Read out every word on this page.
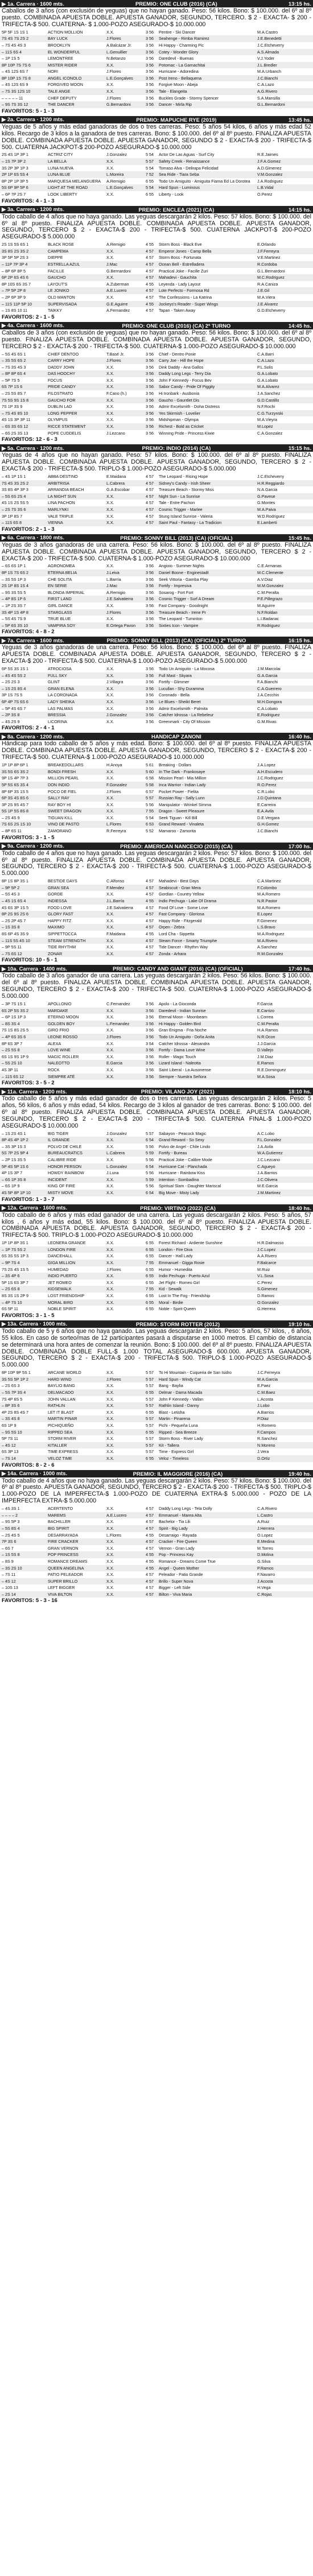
▶ 1a. Carrera · 1600 mts.	PREMIO: ONE CLUB (2016) (CA)	13:15 hs.
Caballos de 3 años (con exclusión de yeguas) que no hayan ganado. Peso: 56 kilos. Bono: $ 100.000. del 6º al 8º puesto. COMBINADA APUESTA DOBLE. APUESTA GANADOR, SEGUNDO, TERCERO. $ 2 - EXACTA- $ 200 - TRIFECTA-$ 500. CUATERNA- $ 1.000-POZO ASEGURADO-$ 10.000.000
5P 5F 1S 1S 1	ACTION MOLLION	X.X.	3 56	Pentire - Ski Dancer	M.A.Castro
7S 4S 7S 2S 2	BAY LUCK	J.Flores	3 56	Seahenge - Rimba Ramirez	J.E.Benedetti
– 7S 4S 4S 3	BROOKLYN	A.Balcázar Jr.	3 56	Hi Happy - Charming Pic	J.C.Etcheverry
– 11S 6S 4	EL WONDERFUL	L.Genuillier	3 56	Cotey - Wonder Glory	A.S.Almada
– 1P 1S 5	LEMONTREE	N.Betanzo	3 56	Daredevil - Buenas	V.J.Yoder
8P 10P 7S 7S 6	MISTER RIDER	X.X.	3 56	Potomac - La Garnachitai	J.L.Bredler
– 4S 12S 6S 7	NORI	J.Flores	3 56	Hurricane - Adoredina	M.A.Urbanch
8P 10P 1S 7S 8	ANGEL ICONOLO	L.E.Gonçalves	3 56	Post Ireno - Bellaquena	J.C.Bianchi
– 4S 12S 6S 9	FORGIVED MOON	X.X.	3 56	Forgive Moon - Abeja	C.A.Lazo
– 7S 3S 12S 10	TALE ANGE	X.X.	3 56	Tale - Elangeita	A.G.Rivero
– – – – – 11	CHEF DEPUTY	J.Flores	3 56	Buckles Grade - Stormy Spencer	S.A.Mansilla
– 9S 7S 3S 12	THE DANCER	G.Bernardoni	3 56	Dancer - Mirla Rip	G.L.Bernardoni
FAVORITOS: 5 - 1 - 3
▶ 2a. Carrera · 1200 mts.	PREMIO: MAPUCHE RYE (2019)	13:45 hs.
Yeguas de 5 años y más edad ganadoras de dos o tres carreras. Peso: 5 años 54 kilos, 6 años y más edad 52 kilos. Recargo de 3 kilos a la ganadora de tres carreras. Bono: $ 100.000. del 6º al 8º puesto. FINALIZA APUESTA DOBLE. COMBINADA APUESTA DOBLE. APUESTA GANADOR, SEGUNDO $ 2 - EXACTA-$ 200 - TRIFECTA-$ 500. CUATERNA JACKPOT-$ 200-POZO ASEGURADO-$ 10.000.000
2S 4S 1P 3P 1	ACTRIZ CITY	J.Gonzalez	5 54	Actor De Las Aguas - Surf City	R.E.Jaimes
– 1S 7P 3P 2	LA BELLA	X.X.	5 57	Safety Creek - Renaissance	J.F.A.Gomez
3S 2P 3P 1P 3	LUNA NUEVA	X.X.	5 54	Tomaso Alva - Delirapa Felicidad	A.D.Gimenez
2P 1P 6S 5S 4	LUNA BLUE	L.Moreira	7 52	Sea Ride - Tiara Seba	V.M.Gonzalez
8P 2P 1P 3P 5	MARQUESA MELANGUERA	A.Remigio	6 55	Todo Un Amiguito - Amiguita Fiama Ed La Dorotea	J.A.Rodriguez
5S 6P 9P 5P 6	LIGHT AT THE ROAD	L.E.Gonçalves	5 54	Hard Spun - Luminous	L.B.Vidal
– 6P 7P 2S 7	LOOK LIBERTY	X.X.	6 55	Liberty - Look	O.Perez
FAVORITOS: 4 - 1 - 3
▶ 3a. Carrera · 1200 mts.	PREMIO: ENCLEA (2021) (CA)	14:15 hs.
Todo caballo de 4 años que no haya ganado. Las yeguas descargarán 2 kilos. Peso: 57 kilos. Bono: $ 100.000. del 6º al 8º puesto. FINALIZA APUESTA DOBLE. COMBINADA APUESTA DOBLE. APUESTA GANADOR, SEGUNDO, TERCERO $ 2 - EXACTA-$ 200 - TRIFECTA-$ 500. CUATERNA JACKPOT-$ 200-POZO ASEGURADO-$ 5.000.000
2S 1S 5S 6S 1	BLACK ROSE	A.Remigio	4 55	Storm Boss - Black Eve	E.Orlando
3S 8S 2S 3S 2	CAMPEMA	X.X.	4 57	Emperor Jones - Camp Bella	J.F.Ferreyra
3P 5P 5P 2S 3	DIEPPE	X.X.	4 57	Storm Boss - Fortunata	V.E.Martinez
– 11P 7P 3P 4	ESTRELLA AZUL	J.Mac	4 57	Ocean Bell - Estrelladera	R.Cordoba
– 8P 6P 8P 5	FACILLE	G.Bernardoni	4 57	Practical Joke - Facille Zuri	G.L.Bernardoni
6P 2P 6S 4S 6	GAUCHO	X.X.	4 57	Mahadevi - Gauchita	M.C.Rodriguez
8P 10S 6S 3S 7	LAYOUT'S	A.Zuberman	4 55	Leyenda - Lady Layout	R.A.Caniza
– 7P 5P 2P 8	LE JONIKO	A.E.Lucero	4 57	Lote Perfecto - Formosa Rd	J.E.Gil
– 2P 6P 3P 9	OLD MANTON	X.X.	4 57	The Confessions - La Katrina	M.A.Viera
– 11S 11P 5P 10	SUPERVISADA	G.E.Aguirre	4 55	Jockeys's Reader - Super Wings	J.E.Alvarez
– 1S 8S 10 11	TAIKKY	A.Fernandez	4 57	Tapan - Taken Away	G.D.Etcheverry
FAVORITOS: 2 - 1 - 5
▶ 4a. Carrera · 1600 mts.	PREMIO: ONE CLUB (2016) (CA) 2º TURNO	14:45 hs.
Caballos de 3 años (con exclusión de yeguas) que no hayan ganado. Peso: 56 kilos. Bono: $ 100.000. del 6º al 8º puesto. FINALIZA APUESTA DOBLE. COMBINADA APUESTA DOBLE. APUESTA GANADOR, SEGUNDO, TERCERO $ 2 - EXACTA-$ 200 - TRIFECTA-$ 500. CUATERNA-$ 1.000-POZO ASEGURADO-$ 10.000.000
– 5S 4S 6S 1	CHIEF DENTOO	T.Basé Jr.	3 56	Chief - Dentro Ponie	C.A.Barri
– 3S 5S 6S 2	CARRY HOPE	J.Flores	3 56	Carry Joe - Hill the Hope	C.A.Lazo
– 7S 3S 4S 3	DADDY JOHN	X.X.	3 56	Dink Daddy - Ana Gallos	P.L.Solis
– 8P 8P 6S 4	DAS HOOCHY	X.X.	3 56	Daddy Long Legs - Terry Dia	G.A.Lobato
– 5P 7S 5	FOCUS	X.X.	3 56	John F Kennedy - Focus Bev	G.A.Lobato
6S 7P 1S 6	PRIDE CANDY	X.X.	3 56	Sabor Candy - Pride Of Piggity	M.A.Alvarez
– 2S 5S 8S 7	FILOSTRATO	F.Cano (h.)	3 56	Hi Ironbark - Ausbonia	J.A.Sanchez
7S 5S 9S 1S 8	GAUCHO FOR	X.X.	3 56	Gaucho - Gauntlet Dis	G.D.Castillo
7S 1P 3S 9	DUBLIN LAD	X.X.	3 56	Admir Excelsmith - Doha Distress	N.F.Rochi
– 7S 4S 8S 10	LONG PEPPER	X.X.	3 56	Yes Skirmish - Lovelier	C.G.Turzynski
4S 1S 3P 3P 11	OLYMPUS	X.X.	3 56	Midshipman - Olympa	M.A.Vieyra
– 6S 3S 6S 12	RICCE STATEMENT	X.X.	3 56	Richest - Bold as Cricket	M.Lopez
– 6S 2S 3S 13	POPE CUDDELIS	J.Lezcano	3 56	Winning Pride - Princess Kiwie	C.A.Gonzalez
FAVORITOS: 12 - 6 - 3
▶ 5a. Carrera · 1200 mts.	PREMIO: INDIO (2014) (CA)	15:15 hs.
Yeguas de 4 años que no hayan ganado. Peso: 57 kilos. Bono: $ 100.000. del 6º al 8º puesto. FINALIZA APUESTA DOBLE. COMBINADA APUESTA DOBLE. APUESTA GANADOR, SEGUNDO, TERCERO $ 2 - EXACTA-$ 200 - TRIFECTA-$ 500. TRIPLO-$ 1.000-POZO ASEGURADO-$ 5.000.000
– 4S 1P 1S 1	ABBA DESTINO	E.Maidana	4 57	The Leopard - Rising Hope	J.C.Etcheverry
7S 4S 3S 2S 2	ARBITRISA	L.Cabrera	4 57	Sidney's Candy - Irish Sheer	H.R.Reggiardo
3S 8S 4P 3P 3	ARRANDIA BEACH	G.A.Escobar	4 57	Treasure Beach - Stormy Miss	N.A.Garcia
– 5S 6S 2S 4	LA NIGHT SUN	X.X.	4 57	Night Sun - La Sunrise	G.Pavese
4S 1S 2S 5S 5	LINA PACHON	X.X.	4 57	Tale - Entre Pachon	G.Montes
– 2S 7S 3S 6	MARLYNKI	X.X.	4 57	Cosmic Trigger - Marlee	M.A.Paiva
3P 1P 8S 7	VALE TRIPLE	X.X.	4 57	Stung Island Sunrise - Valeria	W.D.Rodriguez
– 11S 6S 8	VIENNA	X.X.	4 57	Saint Paul - Fantasy - La Tradicion	E.Lamberti
FAVORITOS: 2 - 1 - 3
▶ 6a. Carrera · 1800 mts.	PREMIO: SONNY BILL (2013) (CA) (OFICIAL)	15:45 hs.
Yeguas de 3 años ganadoras de una carrera. Peso: 56 kilos. Bono: $ 100.000. del 6º al 8º puesto. FINALIZA APUESTA DOBLE. COMBINADA APUESTA DOBLE. APUESTA GANADOR, SEGUNDO, TERCERO $ 2 - EXACTA-$ 200 - TRIFECTA-$ 500. CUATERNA-$ 1.000-POZO ASEGURADO-$ 10.000.000
– 6S 6S 1P 1	AGRONOMEA	X.X.	3 56	Angioio - Summer Nights	C.E.Armanas
8P 1S 7S 6S 2	ETERNA BELIA	J.Leiva	3 56	Daniel Boone - Enginestadt	M.C.Clemente
– 3S 5S 1P 3	CHE SOLITA	L.Barría	3 56	Seek Vittoria - Gamba Play	A.V.Diaz
2S 1P 8S 1S 4	EN SERIE	J.Mac	3 56	Fortify - Impresiva	M.M.Gonzalez
– 9S 3S 5S 5	BLONDA IMPERIAL	A.Remigio	3 56	Sosarog - Fort Fort	C.M.Peralta
– 4P 8S 1P 6	FIRST LAND	J.E.Salvatierra	3 56	Cosmic Trigger - Surf A Dream	P.E.Pillegrazo
– 1P 2S 3S 7	GIRL DANCE	X.X.	3 56	Fast Company - Goodnight	M.Aguirre
3S 4P 1S 4P 8	STARGLASS	J.Flores	3 56	Treasure Beach - Irene Pr	N.F.Roldan
– 5S 4S 7S 9	TRUE BLUE	X.X.	3 56	The Leopard - Tuminton	L.I.Badanac
– 5P 6S 3S 10	VAMPIRA SOY	E.Ortega Pavon	3 56	Sixties Icon - Vampire	R.Rodriguez
FAVORITOS: 4 - 8 - 2
▶ 7a. Carrera · 1600 mts.	PREMIO: SONNY BILL (2013) (CA) (OFICIAL) 2º TURNO	16:15 hs.
Yeguas de 3 años ganadoras de una carrera. Peso: 56 kilos. Bono: $ 100.000. del 6º al 8º puesto. FINALIZA APUESTA DOBLE. COMBINADA APUESTA DOBLE. APUESTA GANADOR, SEGUNDO, TERCERO $ 2 - EXACTA-$ 200 - TRIFECTA-$ 500. CUATERNA-$ 1.000-POZO ASEGURADO-$ 5.000.000
6P 5S 3S 1S 1	ATROCIOSA	X.X.	3 56	Todo Un Amiguito - La Mocosa	J.M.Marcolai
– 4S 4S 5S 2	FULL SKY	X.X.	3 56	Full Mast - Skyara	G.A.Garcia
– 2S 2S 3	GLINT	J.Villagra	3 56	Fortify - Glimmer	F.A.Bianchi
– 1S 2S 8S 4	GRAN ELENA	X.X.	3 56	Lucullan - Shy Duramma	C.A.Guerrero
3P 1S 7S 5	LA CORONADA	X.X.	3 56	Coronado - Bella	J.A.Cecchin
6P 4P 7S 6S 6	LADY SHEIKA	X.X.	3 56	Le Blues - Sheikt Beret	M.H.Gongora
– 5P 4S 6S 7	LAS PALMAS	X.X.	3 56	Admir Excelsmith - Palmita	C.A.Lobato
– 2P 3S 8	BRESSIA	J.Gonzalez	3 56	Catcher Idrossa - La Rebeleur	E.Rodriguez
– 4S 2S 9	LICORINA	X.X.	3 56	Greenmark - City Of Mission	G.M.Rivas
FAVORITOS: 2 - 4 - 1
▶ 8a. Carrera · 1200 mts.	HANDICAP ZANONI	16:40 hs.
Hándicap para todo caballo de 5 años y más edad. Bono: $ 100.000. del 6º al 8º puesto. FINALIZA APUESTA DOBLE. COMBINADA APUESTA DOBLE. APUESTA GANADOR, SEGUNDO, TERCERO $ 2 - EXACTA-$ 200 - TRIFECTA-$ 500. CUATERNA-$ 1.000-POZO ASEGURADO-$ 10.000.000
1P 1P 8P 6P 1	BREAKEDOLLARS	H.Anoya	5 61	Breaking - Dollars	J.A.Lopez
3S 5S 6S 3S 2	BONDI FRESH	X.X.	5 60	In The Dark - Frankosaye	A.H.Escudero
9P 1S 4P 7P 3	MILLION PEARL	X.X.	6 58	Mission Pearl - Mia Million	J.C.Rodriguez
5P 5S 6S 3S 4	DON INDIO	F.Gonzalez	5 58	Inca Warrior - Indian Lady	R.O.Perez
8P 6P 3S 1S 5	POCO DE FIEL	J.Flores	6 57	Pocket Power - Fielita	C.R.Lobo
6P 3S 4S 8S 6	SALLY RAY	X.X.	5 57	Russian Ray - Sally Lunn	J.D.Quintana
3P 2S 9S 4S 7	RAY BOY HI	X.X.	5 56	Manipulator - Wrinkel Simma	E.Carreira
5S 1P 5S 8S 8	SWEET DRAGON	X.X.	7 55	Dragon - Sweet Pleasure	E.A.Avila
– 2S 4S 9	TIGUAN KILL	X.X.	5 54	Seek Tiguan - Kill Bill	D.E.Vergara
7S 6S 2S 1S 10	VINO DE PASTO	L.Flores	6 53	Grand Reward - Vinaleta	G.H.Gomez
– 8P 6S 11	ZAMORANO	R.Ferreyra	5 52	Mamaroo - Zamorita	J.C.Bianchi
FAVORITOS: 3 - 1 - 5
▶ 9a. Carrera · 1200 mts.	PREMIO: AMERICAN NANCECIO (2015) (CA)	17:00 hs.
Todo caballo de 4 años que no haya ganado. Las yeguas descargarán 2 kilos. Peso: 57 kilos. Bono: $ 100.000. del 6º al 8º puesto. FINALIZA APUESTA DOBLE. COMBINADA APUESTA DOBLE. APUESTA GANADOR, SEGUNDO, TERCERO $ 2 - EXACTA-$ 200 - TRIFECTA-$ 500. CUATERNA-$ 1.000-POZO ASEGURADO-$ 5.000.000
8P 1S 8P 3S 1	BESTIDE DAYS	C.Alfonso	4 57	Mahadevi - Best Days	C.A.Martinez
– 9P 5P 2	GRAN SEA	F.Mendez	4 57	Seabiscuit - Gran Mera	F.Colombo
– 5S 4S 3	GORDE	X.X.	4 57	Gordian - Country Yellow	M.A.Romero
– 4S 1S 6S 4	INDIESSA	J.L.Barría	4 55	Indio Pechuga - Lake Of Drama	N.R.Pastor
4S 6S 3P 1S 5	FOOD LOVE	J.E.Salvatierra	4 57	Food Of Love - Some Love	M.A.Romero
8P 2S 9S 2S 6	GLORY FAST	X.X.	4 57	Fast Company - Gloriosa	E.Lopez
– 2S 2P 4S 7	HAPPY FITZ	X.X.	4 57	Happy Ride - Fitzgerald	F.Gimenez
– 1S 3S 8	MAXIMO	X.X.	4 57	Orpen - Zebra	L.S.Bravo
8S 6P 4S 3S 9	SIPPETTOCCA	F.Maidana	4 55	Lord Cha - Sippetta	M.A.Rodriguez
– 11S 5S 4S 10	STEAM STRENGTH	X.X.	4 57	Steam Force - Smarty Triumphe	M.A.Rivero
– 9P 5S 11	TIDE RHYTHM	X.X.	4 57	Tide Dancer - Rhythm Way	A.Sanchez
– 7S 6S 12	ZONAR	X.X.	4 57	Zonda - Arhara	R.M.Gonzalez
FAVORITOS: 10 - 5 - 1
▶ 10a. Carrera · 1400 mts.	PREMIO: CANDY AND GIANT (2016) (CA) (OFICIAL)	17:40 hs.
Todo caballo de 3 años ganador de una carrera. Las yeguas descargarán 2 kilos. Peso: 56 kilos. Bono: $ 100.000. del 6º al 8º puesto. FINALIZA APUESTA DOBLE. COMBINADA APUESTA DOBLE. APUESTA GANADOR, SEGUNDO, TERCERO $ 2 - EXACTA-$ 200 - TRIFECTA-$ 500. CUATERNA-$ 1.000-POZO ASEGURADO-$ 5.000.000
– 3P 7S 1S 1	APOLLONIO	C.Fernandez	3 56	Apolo - La Gioconda	F.Garcia
6S 2P 5S 3S 2	MARDAKE	X.X.	3 56	Daredevil - Indian Sunrise	E.Carrizo
– 6P 1S 1P 3	ETERNO MOON	X.X.	3 56	Eternal Moon - Moonbeam	L.Correa
– 8S 3S 4	GOLDEN BOY	L.Fernandez	3 56	Hi Happy - Golden Bird	C.M.Peralta
7S 1S 8S 2S 5	GIRO FRIO	X.X.	3 56	Gran Enigma - Fria Noche	H.A.Ramos
– 4P 6S 3S 6	LEONE ROSSO	J.Flores	3 56	Todo Un Amiguito - Doña Anita	N.R.Ocon
8P 6S 3P 7	ALEXA	X.X.	3 54	Catcher Idrossa - Alexandra	J.J.Garcia
– 2S 5S 8	LOVE WINE	X.X.	3 56	Fortify - Dama Love Wine	D.Vallejo
6S 1S 9S 1P 9	MAGIC ROLLER	X.X.	3 56	Roller - Magic Touch	J.M.Diaz
– 5S 2S 10	NALEOTTO	E.Garcia	3 56	Lizard Island - Naleotta	E.Ramos
4S 3P 11	ROCK	X.X.	3 56	Saint Liberal - La Ausonense	R.E.Dominguez
– 11S 6S 12	SIEMPRE ATÉ	X.X.	3 56	Siempre - Nuestra Señora	M.A.Sosa
FAVORITOS: 3 - 5 - 2
▶ 11a. Carrera · 1200 mts.	PREMIO: VILANO JOY (2021)	18:10 hs.
Todo caballo de 5 años y más edad ganador de dos o tres carreras. Las yeguas descargarán 2 kilos. Peso: 5 años, 56 kilos, 6 años y más edad, 54 kilos. Recargo de 3 kilos al ganador de tres carreras. Bono: $ 100.000. del 6º al 8º puesto. FINALIZA APUESTA DOBLE. COMBINADA APUESTA DOBLE. APUESTA GANADOR, SEGUNDO, TERCERO $ 2 - EXACTA-$ 200 - TRIFECTA-$ 500. CUATERNA FINAL-$ 1.000-POZO ASEGURADO-$ 10.000.000
– 1S 2S 4S 1	BIG TIGER	J.Gonzalez	5 57	Sabayon - Peacock Magic	A.C.Lobo
8P 4S 4P 1P 2	IL GRANDE	X.X.	6 54	Grand Reward - So Sexy	F.L.Gonzalez
– 3S 3P 1S 3	POLVO DE CHILE	X.X.	5 56	Polvo de Angel - Chile Lindo	J.A.Avila
5S 7P 2S 9P 4	BUREAUCRATICS	L.Cabrera	5 59	Fortify - Bureau	W.A.Gutierrez
– 2P 1S 3S 5	CALIBRE RIDE	X.X.	5 56	Practical Joke - Calibre Mode	J.C.Lezcano
5P 4S 5P 1S 6	HONOR PERSON	L.Gonzalez	6 54	Hurricane Cat - Planchada	C.Agueyo
4P 1S 3P 7	HOWDY RAINBOW	J.Luna	5 56	Hurricane - Rainbow Kiss	J.A.Barrios
– 6S 1P 3S 8	INCIDENT	X.X.	5 59	Intention - Sombadina	J.C.Olivera
– 6S 1P 9	KING OF FIRE	X.X.	5 56	Spiritual Slam - Daughter Mariscal	M.E.Garcia
4S 5P 8P 1P 10	MISTY MOVE	X.X.	6 54	Big Move - Misty Lady	J.M.Martinez
FAVORITOS: 1 - 3 - 7
▶ 12a. Carrera · 1600 mts.	PREMIO: VIRTINO (2022) (CA)	18:40 hs.
Todo caballo de 6 años y más edad ganador de una carrera. Las yeguas descargarán 2 kilos. Peso: 5 años, 57 kilos , 6 años y más edad, 55 kilos. Bono: $ 100.000. del 6º al 8º puesto. FINALIZA APUESTA DOBLE. COMBINADA APUESTA DOBLE. APUESTA GANADOR, SEGUNDO, TERCERO $ 2 - EXACTA-$ 200 - TRIFECTA-$ 500. TRIPLO-$ 1.000-POZO ASEGURADO-$ 10.000.000
1P 1P 8P 3S 1	LEONERA GRANDE	X.X.	6 55	Forest Richard - Ardiente Sunshine	H.R.Dalmasso
– 1P 7S 5S 2	LONDON FIRE	X.X.	6 55	London - Fire Diva	J.C.Lopez
6S 3S 5S 1P 3	DANCEHALL	X.X.	6 55	Dancer - Hall Lady	A.A.Rivero
– 9P 7S 4	GIGA MILLION	X.X.	7 55	Emmanuel - Gigga Rosie	F.Balcarce
7S 2S 4S 1S 5	HUMEDAD	J.Flores	6 55	Humor - Humedita	M.Ruiz
– 3S 4P 6	INDIO PUERTO	X.X.	6 55	Indio Pechuga - Puerto Azul	V.L.Sosa
5P 1S 6S 3P 7	JET ROMEO	X.X.	6 55	Jet Flight - Romeo Girl	C.Perez
– 2S 6S 8	KIDSEWALK	X.X.	7 55	Kid - Sewalk	S.Gimenez
8S 3S 1S 2P 9	LOST FRIENDSHIP	X.X.	6 55	Lost In The Fog - Friendship	D.Ramos
– 4P 7S 10	MORAL BIRD	X.X.	6 55	Moral - Birdie	O.Gonzalez
6S 5P 11	NOBLE SPIRIT	X.X.	6 55	Noble - Spirit Queen	G.Herrera
FAVORITOS: 3 - 1 - 5
▶ 13a. Carrera · 1000 mts.	PREMIO: STORM ROTTER (2012)	19:10 hs.
Todo caballo de 5 y 6 años que no haya ganado. Las yeguas descargarán 2 kilos. Peso: 5 años, 57 kilos, , 6 años, 55 kilos. En caso de sorteo/mas de 12 participantes pasará a disputarse en 1000 metros. El cambio de distancia se determinará una hora antes de comenzar la reunión. Bono: $ 100.000. del 6º al 8º puesto. FINALIZA APUESTA DOBLE. COMBINADA DOBLE FULL-$ 1.000 TOTAL ASEGURADO-$ 600.000. APUESTA GANADOR, SEGUNDO, TERCERO $ 2 - EXACTA-$ 200 - TRIFECTA-$ 500. TRIPLO-$ 1.000-POZO ASEGURADO-$ 5.000.000
8P 10P 9P 5S 1	ARCANE WORLD	X.X.	5 57	To Hi Mountain - Cuqueria de San Isidro	J.C.Ferreyra
3S 5S 5P 1P 2	HARD WIND	J.Flores	5 57	Hard Spun - Windy Cat	M.A.Garcia
– 2S 6S 3	BAYLIO BANG	X.X.	5 57	Bang - Baylia	E.Paez
– 5S 7P 3S 4	DELMACADO	X.X.	6 55	Delmar - Dama Macada	C.M.Baez
7S 4P 6S 5	JOHN VALLAN	X.X.	5 57	John F Kennedy - Vallan	L.Acosta
– 8P 3S 6	RATHLIN	X.X.	5 57	Rathlin Island - Danny	J.Lobo
4P 2S 8S 4S 7	LET IT BLAST	X.X.	6 55	Blast - Letisha	A.Barrios
– 3S 4S 8	MARTIN PINAR	X.X.	5 57	Martin - Pinarena	P.Diaz
6S 1P 9	PICHIQUEÑO	X.X.	5 57	Pichi - Pequeña Luna	H.Romero
– 9S 5S 10	RIPPED SEA	X.X.	6 55	Ripped - Sea Breeze	F.Campos
5P 7S 11	STORM RIVER	X.X.	5 57	Storm Boss - River Lady	R.Sanchez
– 4S 12	KITALLER	X.X.	5 57	Kit - Tallera	N.Moreno
6S 3P 13	TIME EXPRESS	X.X.	5 57	Time - Express Girl	J.Vera
– 7S 14	VELOZ TIME	X.X.	6 55	Veloz - Timeless	D.Ortiz
FAVORITOS: 8 - 2 - 6
▶ 14a. Carrera · 1000 mts.	PREMIO: IL MAGGIORE (2016) (CA)	19:40 hs.
Todo caballo de 4 años que no haya ganado. Las yeguas descargarán 2 kilos. Peso: 57 kilos. Bono: $ 100.000. del 6º al 8º puesto. APUESTA GANADOR, SEGUNDO, TERCERO $ 2 - EXACTA-$ 200 - TRIFECTA-$ 500. TRIPLO-$ 1.000-POZO DE LA IMPERFECTA-$ 1.000-POZO DE CUATERNA EXTRA-$ 5.000.000 - POZO DE LA IMPERFECTA EXTRA-$ 5.000.000
– 4S 3S 1	ACERTENTO	X.X.	4 57	Daddy Long Legs - Tela Dolly	C.A.Rivero
– – – – 2	MAREMS	A.E.Lucero	4 57	Emmanuel - Marea Alta	L.Castro
– 9S 5P 3	BACHILLER	X.X.	4 57	Bachelor - Tia Lili	A.Ruiz
– 5S 8S 4	BIG SPIRIT	X.X.	4 57	Spirit - Big Lady	J.Herrera
– 2S 4S 5	DESARRAYADA	L.Flores	4 55	Desarraigo - Rayada	O.Lopez
7P 3S 6	FIRE CRACKER	X.X.	4 57	Cracker - Fire Queen	E.Medina
– 6S 7	GRAN VERNON	X.X.	4 57	Vernon - Gran Lady	M.Torres
– 1S 5S 8	POP PRINCESS	X.X.	4 55	Pop - Princess Kay	D.Molina
– 8S 9	ROMANCE DREAMS	X.X.	4 55	Romance - Dreams Come True	G.Silva
– 3S 2S 10	QUEEN ANGELINA	X.X.	4 55	Angel - Queen Mother	P.Ramos
– 7S 11	PATIO PELEADOR	X.X.	4 57	Peleador - Patio Grande	F.Navarro
– 4S 12	SUPER BRILLO	X.X.	4 57	Brillo - Super Nova	J.Acosta
– 10S 13	LEFT BIGGER	X.X.	4 57	Bigger - Left Side	H.Vega
– 2S 14	VIVA BILTON	X.X.	4 57	Bilton - Viva Maria	C.Rojas
FAVORITOS: 5 - 3 - 16
